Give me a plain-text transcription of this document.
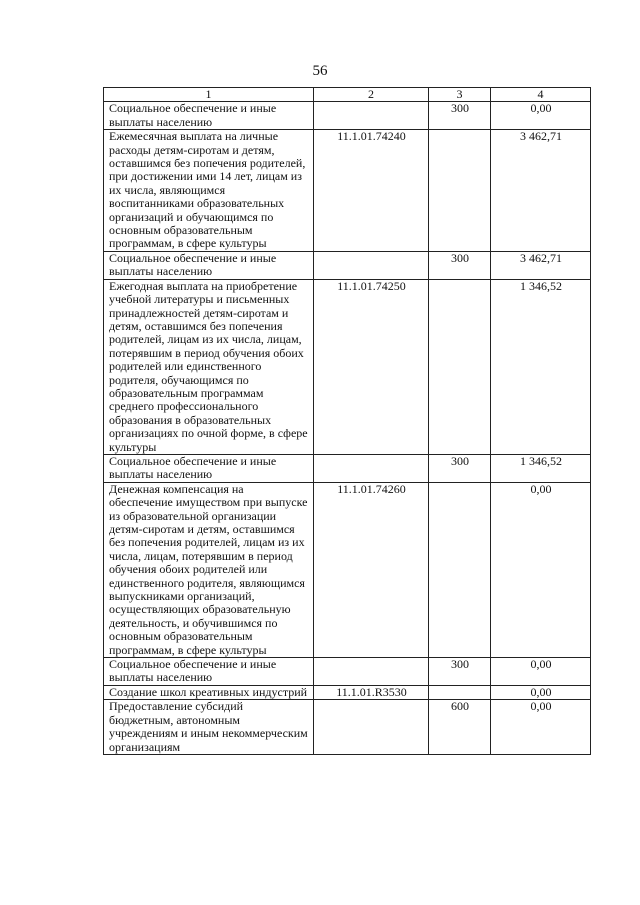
56
1	2	3	4
Социальное обеспечение и иные выплаты населению		300	0,00
Ежемесячная выплата на личные расходы детям-сиротам и детям, оставшимся без попечения родителей, при достижении ими 14 лет, лицам из их числа, являющимся воспитанниками образовательных организаций и обучающимся по основным образовательным программам, в сфере культуры	11.1.01.74240		3 462,71
Социальное обеспечение и иные выплаты населению		300	3 462,71
Ежегодная выплата на приобретение учебной литературы и письменных принадлежностей детям-сиротам и детям, оставшимся без попечения родителей, лицам из их числа, лицам, потерявшим в период обучения обоих родителей или единственного родителя, обучающимся по образовательным программам среднего профессионального образования в образовательных организациях по очной форме, в сфере культуры	11.1.01.74250		1 346,52
Социальное обеспечение и иные выплаты населению		300	1 346,52
Денежная компенсация на обеспечение имуществом при выпуске из образовательной организации детям-сиротам и детям, оставшимся без попечения родителей, лицам из их числа, лицам, потерявшим в период обучения обоих родителей или единственного родителя, являющимся выпускниками организаций, осуществляющих образовательную деятельность, и обучившимся по основным образовательным программам, в сфере культуры	11.1.01.74260		0,00
Социальное обеспечение и иные выплаты населению		300	0,00
Создание школ креативных индустрий	11.1.01.R3530		0,00
Предоставление субсидий бюджетным, автономным учреждениям и иным некоммерческим организациям		600	0,00
